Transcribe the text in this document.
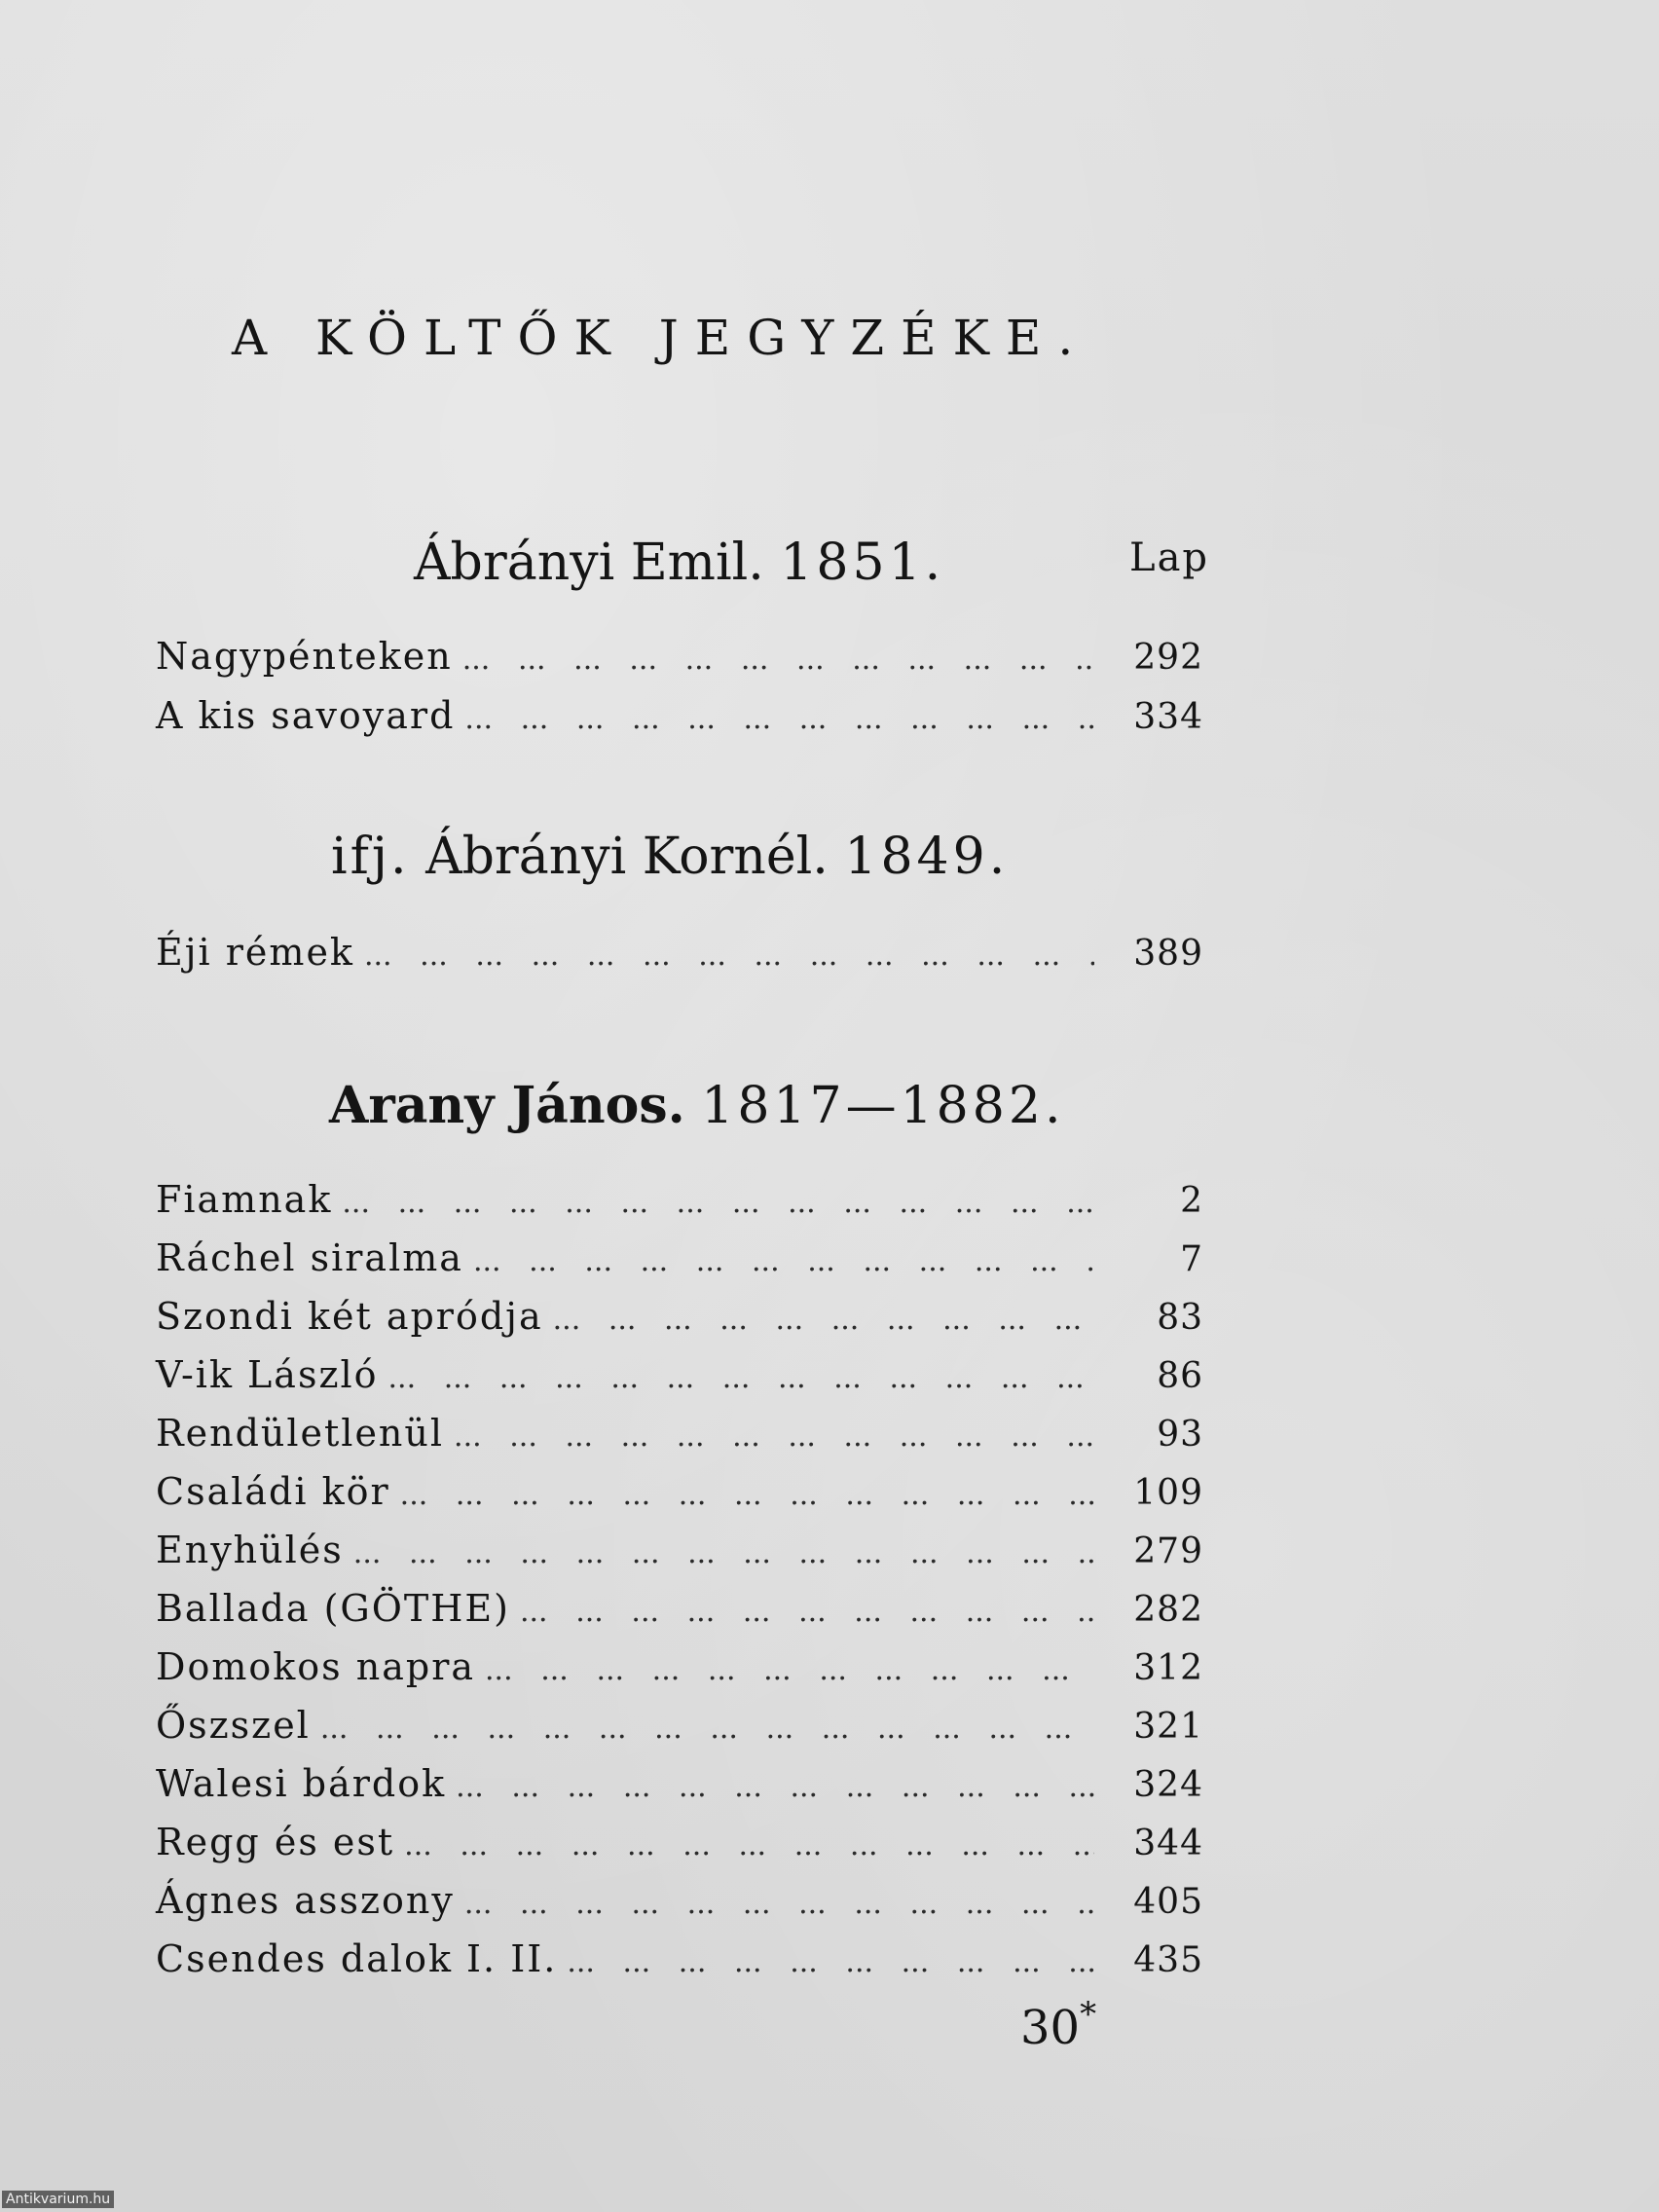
A KÖLTŐK JEGYZÉKE.
Lap
Ábrányi Emil. 1851.
Nagypénteken ...	292
A kis savoyard ...	334
ifj. Ábrányi Kornél. 1849.
Éji rémek ...	389
Arany János. 1817—1882.
Fiamnak ...	2
Ráchel siralma ...	7
Szondi két apródja ...	83
V-ik László ...	86
Rendületlenül ...	93
Családi kör ...	109
Enyhülés ...	279
Ballada (GÖTHE) ...	282
Domokos napra ...	312
Őszszel ...	321
Walesi bárdok ...	324
Regg és est ...	344
Ágnes asszony ...	405
Csendes dalok I. II. ...	435
30*
Antikvarium.hu
